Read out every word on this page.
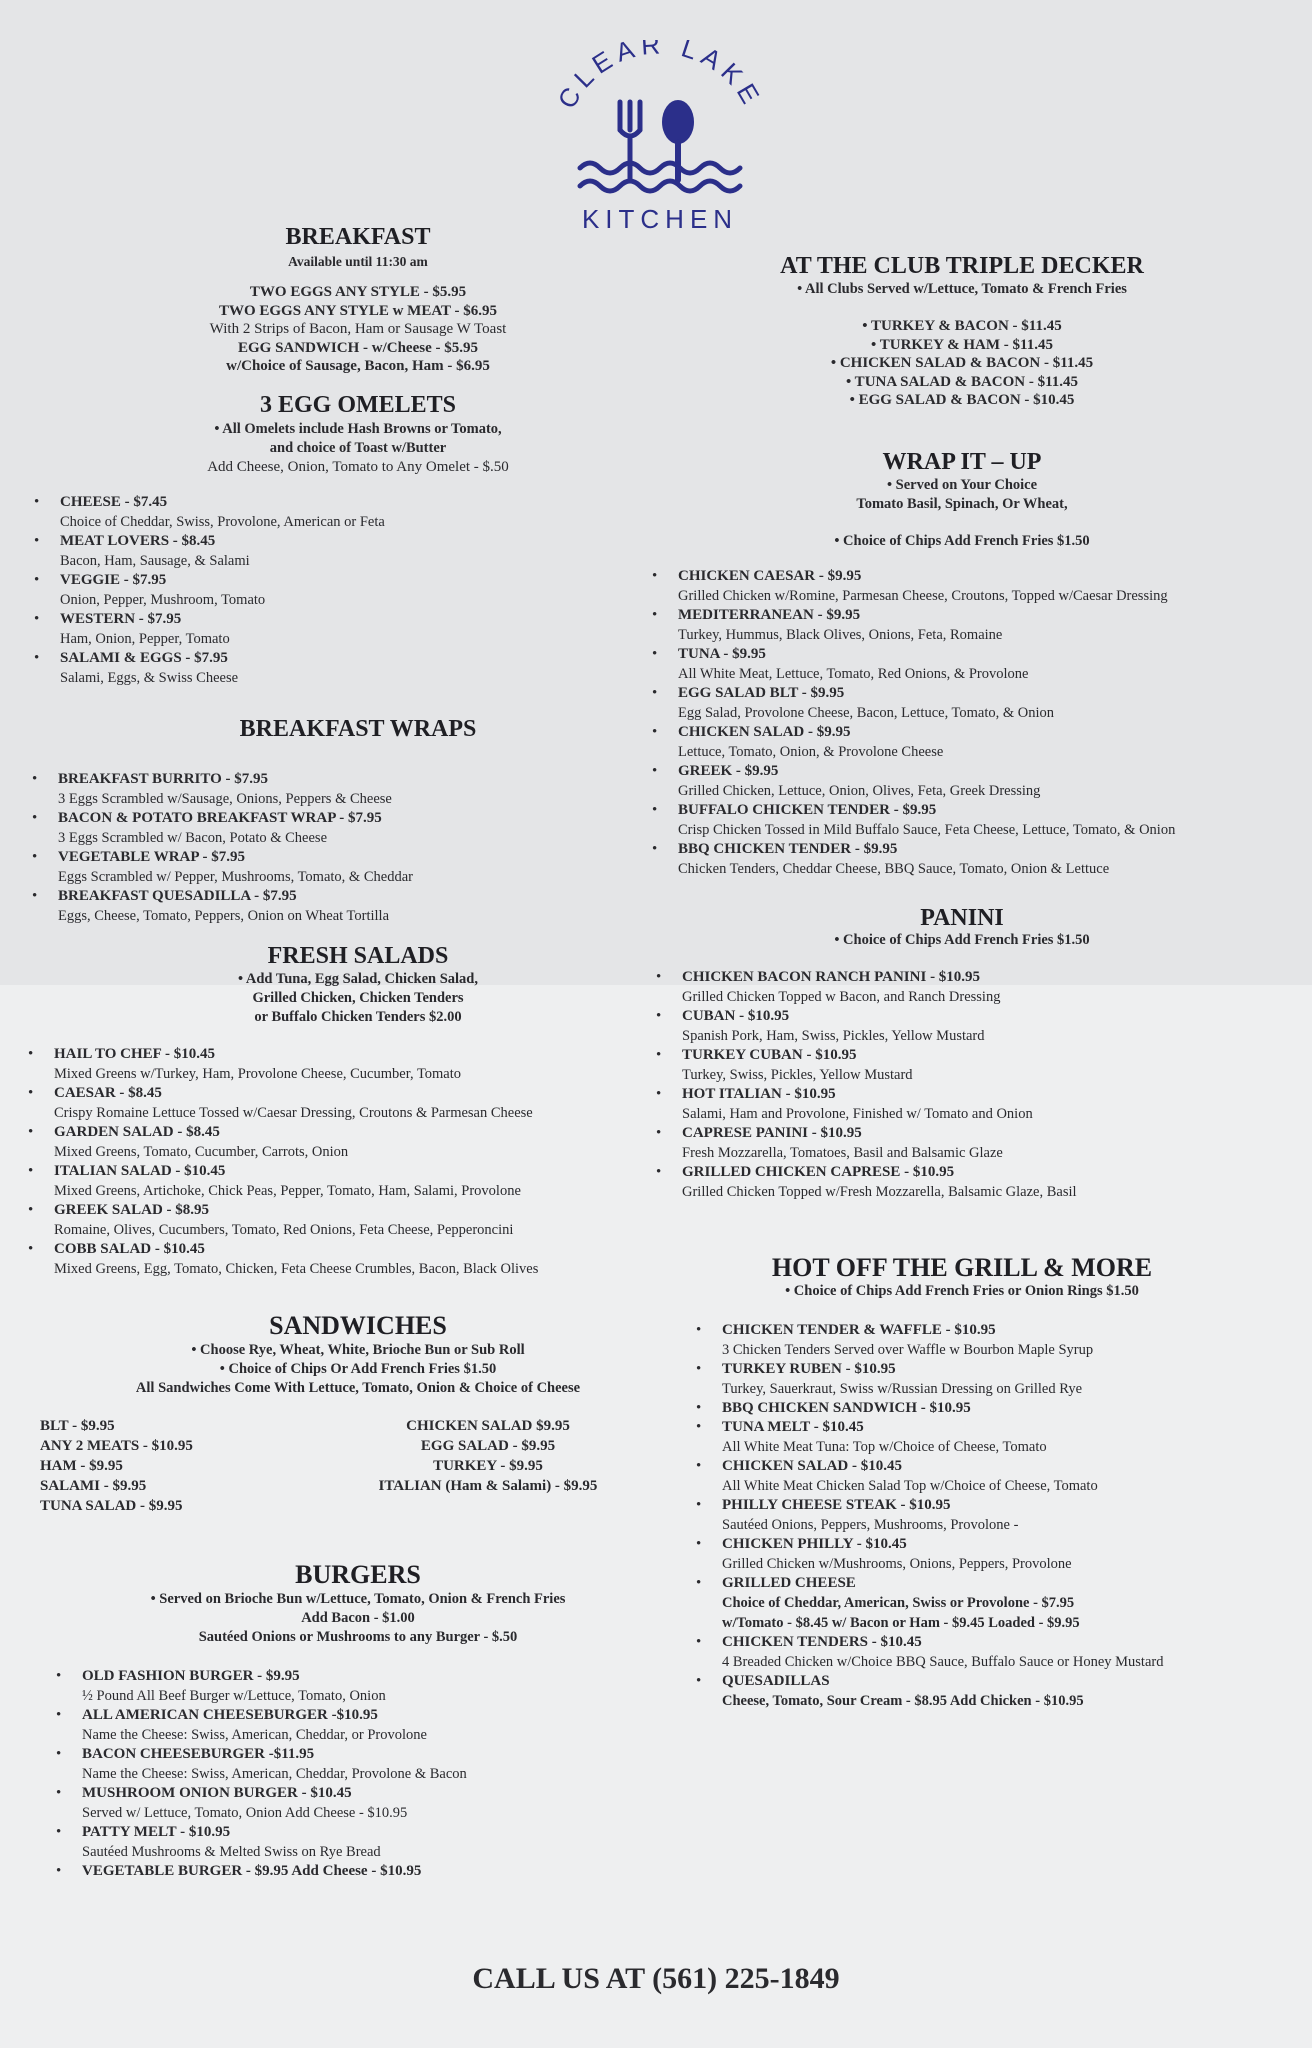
CLEAR LAKE
KITCHEN
BREAKFAST

Available until 11:30 am

TWO EGGS ANY STYLE - $5.95

TWO EGGS ANY STYLE w MEAT - $6.95

With 2 Strips of Bacon, Ham or Sausage W Toast

EGG SANDWICH - w/Cheese - $5.95

w/Choice of Sausage, Bacon, Ham - $6.95

3 EGG OMELETS

• All Omelets include Hash Browns or Tomato,

and choice of Toast w/Butter

Add Cheese, Onion, Tomato to Any Omelet - $.50

• CHEESE - $7.45
Choice of Cheddar, Swiss, Provolone, American or Feta
• MEAT LOVERS - $8.45
Bacon, Ham, Sausage, & Salami
• VEGGIE - $7.95
Onion, Pepper, Mushroom, Tomato
• WESTERN - $7.95
Ham, Onion, Pepper, Tomato
• SALAMI & EGGS - $7.95
Salami, Eggs, & Swiss Cheese
BREAKFAST WRAPS
• BREAKFAST BURRITO - $7.95
3 Eggs Scrambled w/Sausage, Onions, Peppers & Cheese
• BACON & POTATO BREAKFAST WRAP - $7.95
3 Eggs Scrambled w/ Bacon, Potato & Cheese
• VEGETABLE WRAP - $7.95
Eggs Scrambled w/ Pepper, Mushrooms, Tomato, & Cheddar
• BREAKFAST QUESADILLA - $7.95
Eggs, Cheese, Tomato, Peppers, Onion on Wheat Tortilla
FRESH SALADS

• Add Tuna, Egg Salad, Chicken Salad,

Grilled Chicken, Chicken Tenders

or Buffalo Chicken Tenders $2.00

• HAIL TO CHEF - $10.45
Mixed Greens w/Turkey, Ham, Provolone Cheese, Cucumber, Tomato
• CAESAR - $8.45
Crispy Romaine Lettuce Tossed w/Caesar Dressing, Croutons & Parmesan Cheese
• GARDEN SALAD - $8.45
Mixed Greens, Tomato, Cucumber, Carrots, Onion
• ITALIAN SALAD - $10.45
Mixed Greens, Artichoke, Chick Peas, Pepper, Tomato, Ham, Salami, Provolone
• GREEK SALAD - $8.95
Romaine, Olives, Cucumbers, Tomato, Red Onions, Feta Cheese, Pepperoncini
• COBB SALAD - $10.45
Mixed Greens, Egg, Tomato, Chicken, Feta Cheese Crumbles, Bacon, Black Olives
SANDWICHES

• Choose Rye, Wheat, White, Brioche Bun or Sub Roll

• Choice of Chips Or Add French Fries $1.50

All Sandwiches Come With Lettuce, Tomato, Onion & Choice of Cheese

BLT - $9.95
ANY 2 MEATS - $10.95
HAM - $9.95
SALAMI - $9.95
TUNA SALAD - $9.95
CHICKEN SALAD $9.95
EGG SALAD - $9.95
TURKEY - $9.95
ITALIAN (Ham & Salami) - $9.95
BURGERS

• Served on Brioche Bun w/Lettuce, Tomato, Onion & French Fries

Add Bacon - $1.00

Sautéed Onions or Mushrooms to any Burger - $.50

• OLD FASHION BURGER - $9.95
½ Pound All Beef Burger w/Lettuce, Tomato, Onion
• ALL AMERICAN CHEESEBURGER -$10.95
Name the Cheese: Swiss, American, Cheddar, or Provolone
• BACON CHEESEBURGER -$11.95
Name the Cheese: Swiss, American, Cheddar, Provolone & Bacon
• MUSHROOM ONION BURGER - $10.45
Served w/ Lettuce, Tomato, Onion Add Cheese - $10.95
• PATTY MELT - $10.95
Sautéed Mushrooms & Melted Swiss on Rye Bread
• VEGETABLE BURGER - $9.95 Add Cheese - $10.95
AT THE CLUB TRIPLE DECKER

• All Clubs Served w/Lettuce, Tomato & French Fries

• TURKEY & BACON - $11.45
• TURKEY & HAM - $11.45
• CHICKEN SALAD & BACON - $11.45
• TUNA SALAD & BACON - $11.45
• EGG SALAD & BACON - $10.45
WRAP IT – UP

• Served on Your Choice

Tomato Basil, Spinach, Or Wheat,

• Choice of Chips Add French Fries $1.50

• CHICKEN CAESAR - $9.95
Grilled Chicken w/Romine, Parmesan Cheese, Croutons, Topped w/Caesar Dressing
• MEDITERRANEAN - $9.95
Turkey, Hummus, Black Olives, Onions, Feta, Romaine
• TUNA - $9.95
All White Meat, Lettuce, Tomato, Red Onions, & Provolone
• EGG SALAD BLT - $9.95
Egg Salad, Provolone Cheese, Bacon, Lettuce, Tomato, & Onion
• CHICKEN SALAD - $9.95
Lettuce, Tomato, Onion, & Provolone Cheese
• GREEK - $9.95
Grilled Chicken, Lettuce, Onion, Olives, Feta, Greek Dressing
• BUFFALO CHICKEN TENDER - $9.95
Crisp Chicken Tossed in Mild Buffalo Sauce, Feta Cheese, Lettuce, Tomato, & Onion
• BBQ CHICKEN TENDER - $9.95
Chicken Tenders, Cheddar Cheese, BBQ Sauce, Tomato, Onion & Lettuce
PANINI

• Choice of Chips Add French Fries $1.50

• CHICKEN BACON RANCH PANINI - $10.95
Grilled Chicken Topped w Bacon, and Ranch Dressing
• CUBAN - $10.95
Spanish Pork, Ham, Swiss, Pickles, Yellow Mustard
• TURKEY CUBAN - $10.95
Turkey, Swiss, Pickles, Yellow Mustard
• HOT ITALIAN - $10.95
Salami, Ham and Provolone, Finished w/ Tomato and Onion
• CAPRESE PANINI - $10.95
Fresh Mozzarella, Tomatoes, Basil and Balsamic Glaze
• GRILLED CHICKEN CAPRESE - $10.95
Grilled Chicken Topped w/Fresh Mozzarella, Balsamic Glaze, Basil
HOT OFF THE GRILL & MORE

• Choice of Chips Add French Fries or Onion Rings $1.50

• CHICKEN TENDER & WAFFLE - $10.95
3 Chicken Tenders Served over Waffle w Bourbon Maple Syrup
• TURKEY RUBEN - $10.95
Turkey, Sauerkraut, Swiss w/Russian Dressing on Grilled Rye
• BBQ CHICKEN SANDWICH - $10.95
• TUNA MELT - $10.45
All White Meat Tuna: Top w/Choice of Cheese, Tomato
• CHICKEN SALAD - $10.45
All White Meat Chicken Salad Top w/Choice of Cheese, Tomato
• PHILLY CHEESE STEAK - $10.95
Sautéed Onions, Peppers, Mushrooms, Provolone -
• CHICKEN PHILLY - $10.45
Grilled Chicken w/Mushrooms, Onions, Peppers, Provolone
• GRILLED CHEESE
Choice of Cheddar, American, Swiss or Provolone - $7.95
w/Tomato - $8.45 w/ Bacon or Ham - $9.45 Loaded - $9.95
• CHICKEN TENDERS - $10.45
4 Breaded Chicken w/Choice BBQ Sauce, Buffalo Sauce or Honey Mustard
• QUESADILLAS
Cheese, Tomato, Sour Cream - $8.95 Add Chicken - $10.95
CALL US AT (561) 225-1849
